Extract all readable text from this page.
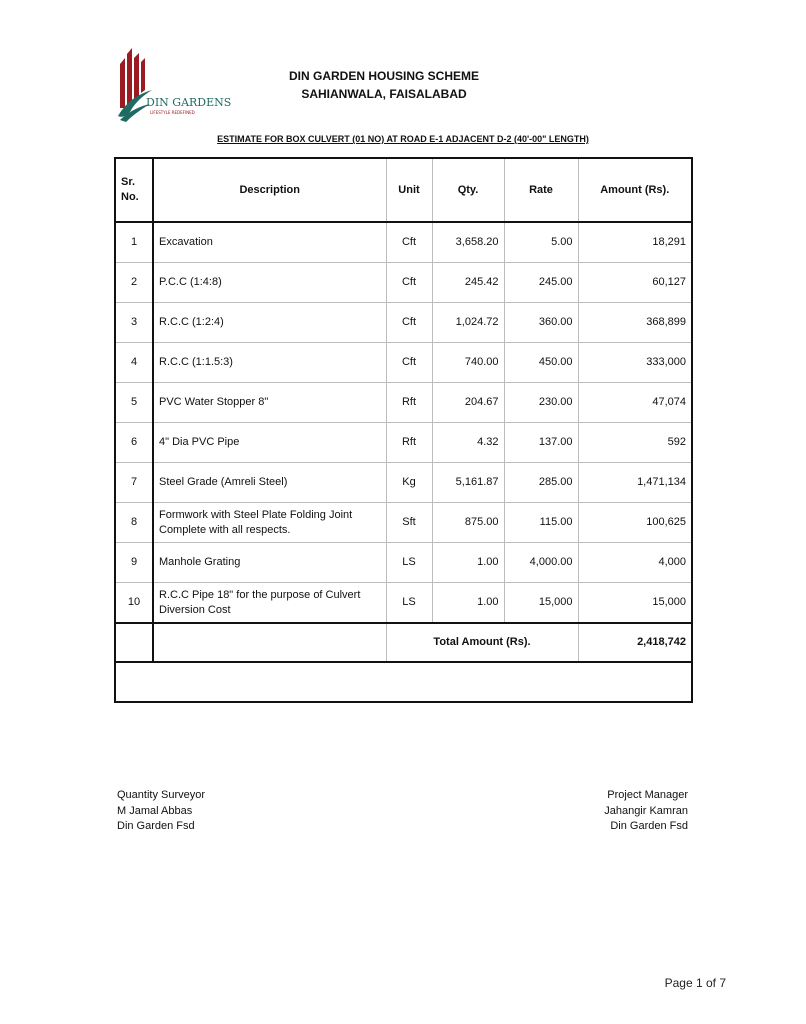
DIN GARDENS
LIFESTYLE REDEFINED
DIN GARDEN HOUSING SCHEME
SAHIANWALA, FAISALABAD
ESTIMATE FOR BOX CULVERT (01 NO) AT ROAD E-1 ADJACENT D-2 (40'-00" LENGTH)
Sr. No.	Description	Unit	Qty.	Rate	Amount (Rs).
1	Excavation	Cft	3,658.20	5.00	18,291
2	P.C.C (1:4:8)	Cft	245.42	245.00	60,127
3	R.C.C (1:2:4)	Cft	1,024.72	360.00	368,899
4	R.C.C (1:1.5:3)	Cft	740.00	450.00	333,000
5	PVC Water Stopper 8"	Rft	204.67	230.00	47,074
6	4" Dia PVC Pipe	Rft	4.32	137.00	592
7	Steel Grade (Amreli Steel)	Kg	5,161.87	285.00	1,471,134
8	Formwork with Steel Plate Folding Joint Complete with all respects.	Sft	875.00	115.00	100,625
9	Manhole Grating	LS	1.00	4,000.00	4,000
10	R.C.C Pipe 18" for the purpose of Culvert Diversion Cost	LS	1.00	15,000	15,000
		Total Amount (Rs).			2,418,742

Quantity Surveyor
M Jamal Abbas
Din Garden Fsd
Project Manager
Jahangir Kamran
Din Garden Fsd
Page 1 of 7
